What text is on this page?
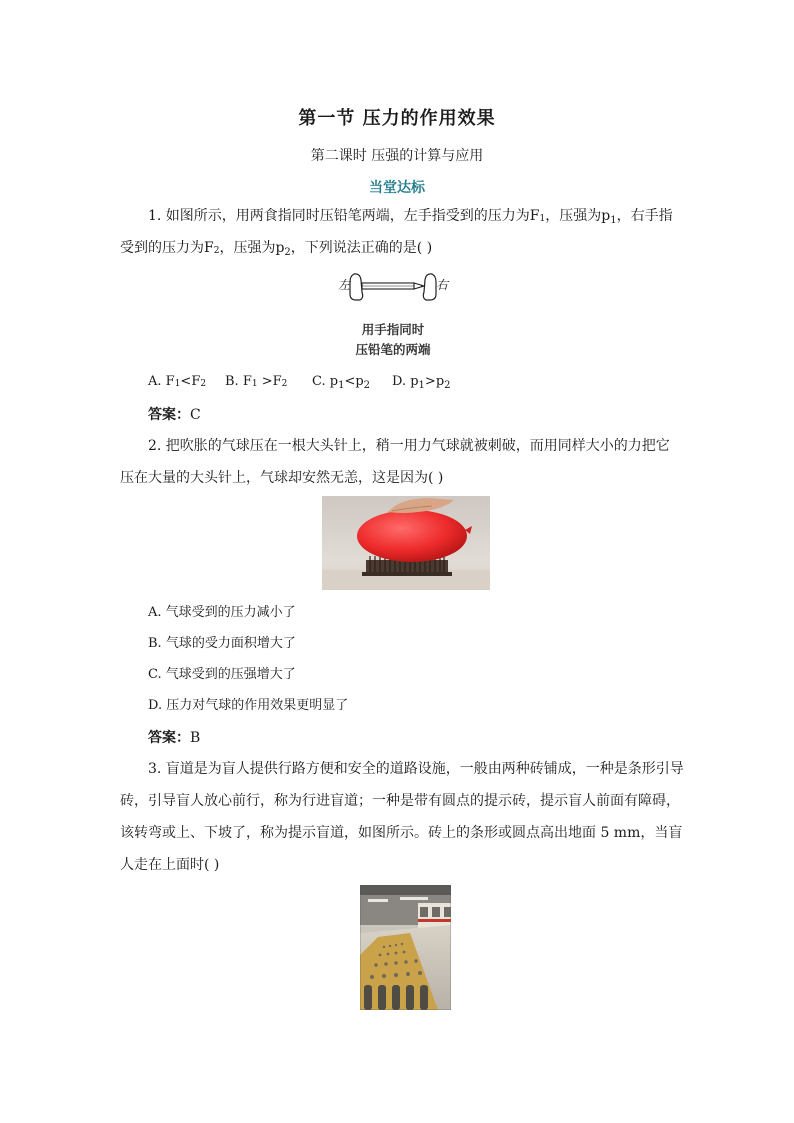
第一节 压力的作用效果
第二课时 压强的计算与应用
当堂达标
1. 如图所示，用两食指同时压铅笔两端，左手指受到的压力为F1，压强为$p_1$，右手指
受到的压力为F2，压强为$p_2$，下列说法正确的是( )
左	右
用手指同时
压铅笔的两端
A. F1<F2 B. F1 >F2 C. $p_1<p_2$ D. $p_1>p_2$
答案：C
2. 把吹胀的气球压在一根大头针上，稍一用力气球就被刺破，而用同样大小的力把它
压在大量的大头针上，气球却安然无恙，这是因为( )
A. 气球受到的压力减小了
B. 气球的受力面积增大了
C. 气球受到的压强增大了
D. 压力对气球的作用效果更明显了
答案：B
3. 盲道是为盲人提供行路方便和安全的道路设施，一般由两种砖铺成，一种是条形引导
砖，引导盲人放心前行，称为行进盲道；一种是带有圆点的提示砖，提示盲人前面有障碍，
该转弯或上、下坡了，称为提示盲道，如图所示。砖上的条形或圆点高出地面 5 mm，当盲
人走在上面时( )
